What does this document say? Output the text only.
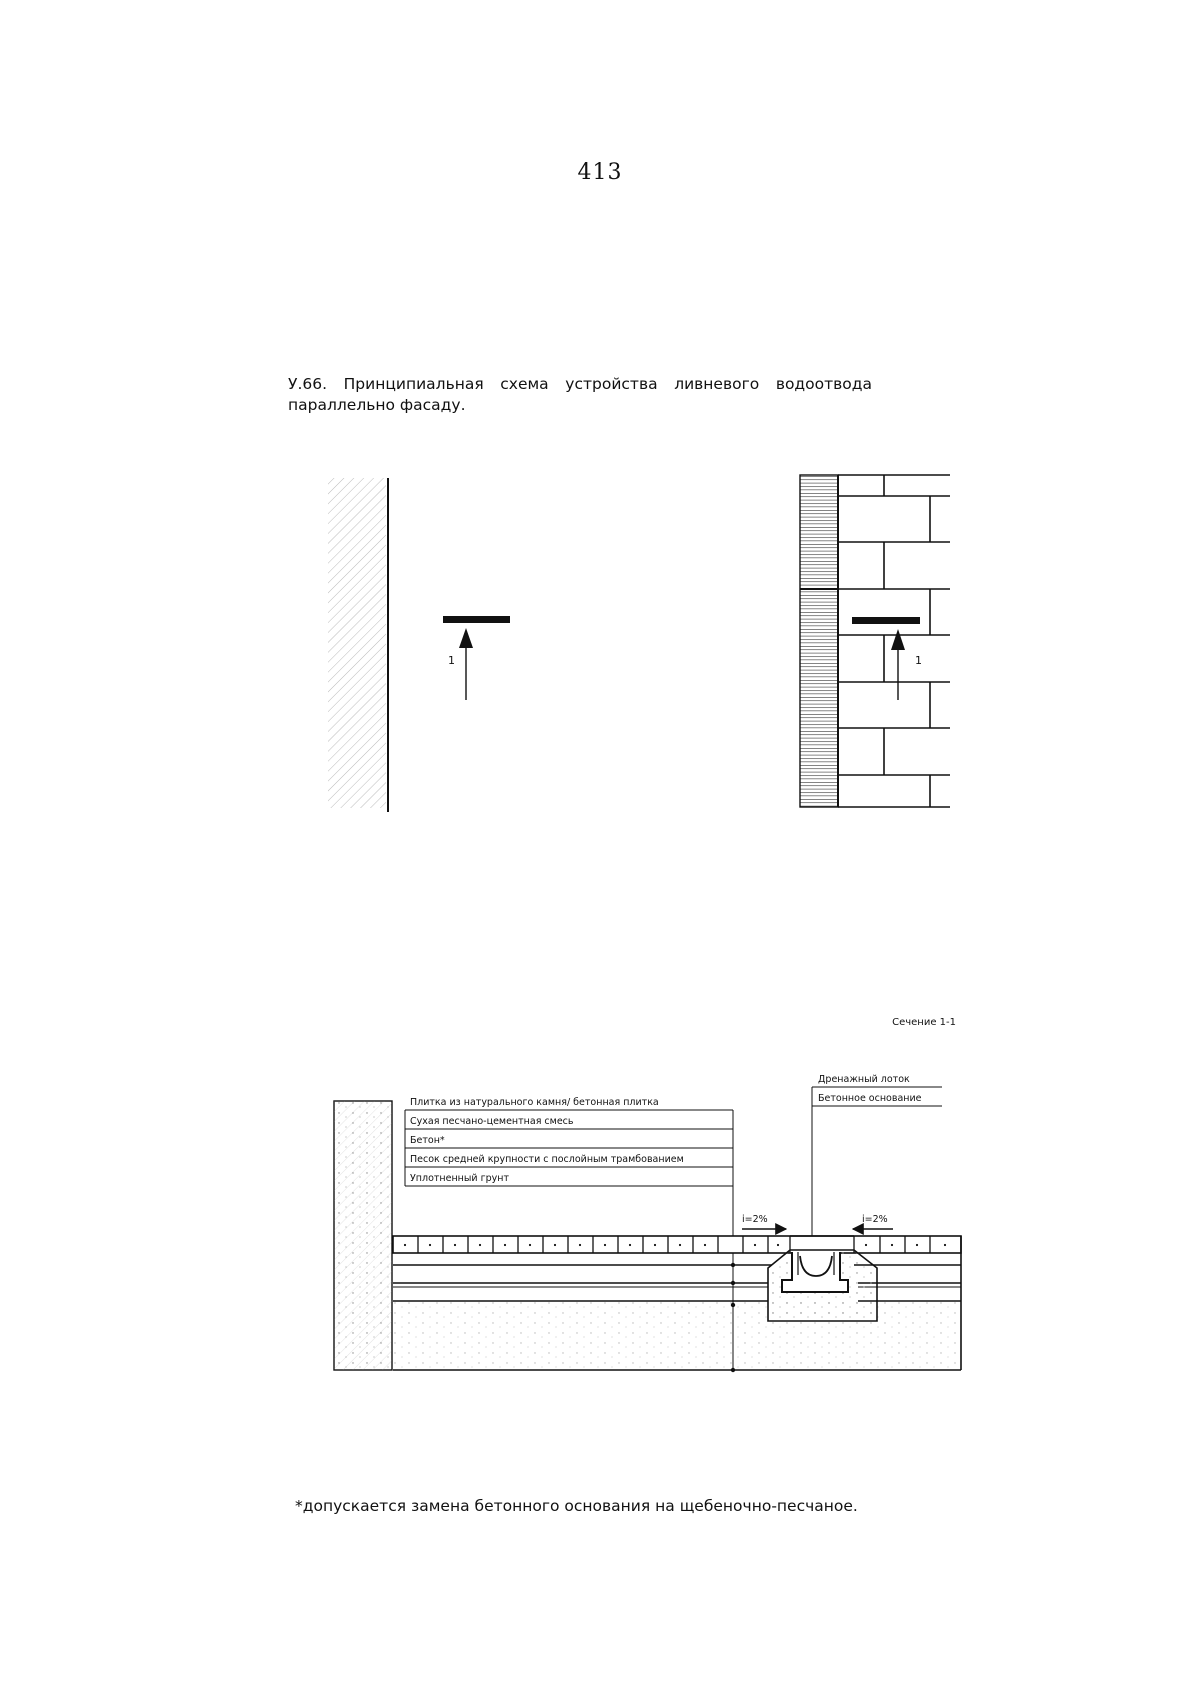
413
У.66. Принципиальная схема устройства ливневого водоотвода
параллельно фасаду.
1	1
Сечение 1-1
Плитка из натурального камня/ бетонная плитка
Сухая песчано-цементная смесь
Бетон*
Песок средней крупности с послойным трамбованием
Уплотненный грунт
Дренажный лоток
Бетонное основание
i=2%	i=2%
*допускается замена бетонного основания на щебеночно-песчаное.
